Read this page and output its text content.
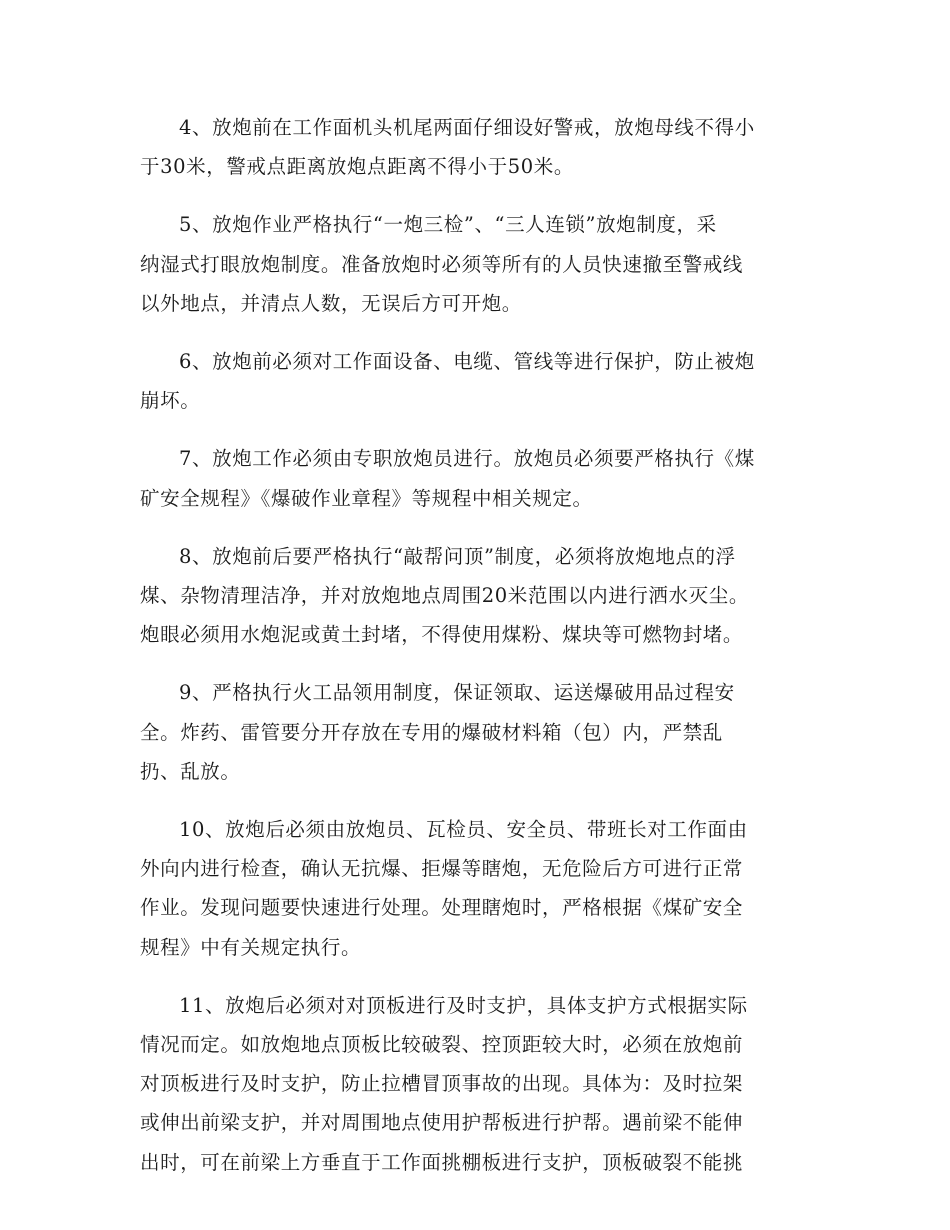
4、放炮前在工作面机头机尾两面仔细设好警戒，放炮母线不得小
于30米，警戒点距离放炮点距离不得小于50米。

5、放炮作业严格执行“一炮三检”、“三人连锁”放炮制度，采
纳湿式打眼放炮制度。准备放炮时必须等所有的人员快速撤至警戒线
以外地点，并清点人数，无误后方可开炮。

6、放炮前必须对工作面设备、电缆、管线等进行保护，防止被炮
崩坏。

7、放炮工作必须由专职放炮员进行。放炮员必须要严格执行《煤
矿安全规程》《爆破作业章程》等规程中相关规定。

8、放炮前后要严格执行“敲帮问顶”制度，必须将放炮地点的浮
煤、杂物清理洁净，并对放炮地点周围20米范围以内进行洒水灭尘。
炮眼必须用水炮泥或黄土封堵，不得使用煤粉、煤块等可燃物封堵。

9、严格执行火工品领用制度，保证领取、运送爆破用品过程安
全。炸药、雷管要分开存放在专用的爆破材料箱（包）内，严禁乱
扔、乱放。

10、放炮后必须由放炮员、瓦检员、安全员、带班长对工作面由
外向内进行检查，确认无抗爆、拒爆等瞎炮，无危险后方可进行正常
作业。发现问题要快速进行处理。处理瞎炮时，严格根据《煤矿安全
规程》中有关规定执行。

11、放炮后必须对对顶板进行及时支护，具体支护方式根据实际
情况而定。如放炮地点顶板比较破裂、控顶距较大时，必须在放炮前
对顶板进行及时支护，防止拉槽冒顶事故的出现。具体为：及时拉架
或伸出前梁支护，并对周围地点使用护帮板进行护帮。遇前梁不能伸
出时，可在前梁上方垂直于工作面挑棚板进行支护，顶板破裂不能挑
